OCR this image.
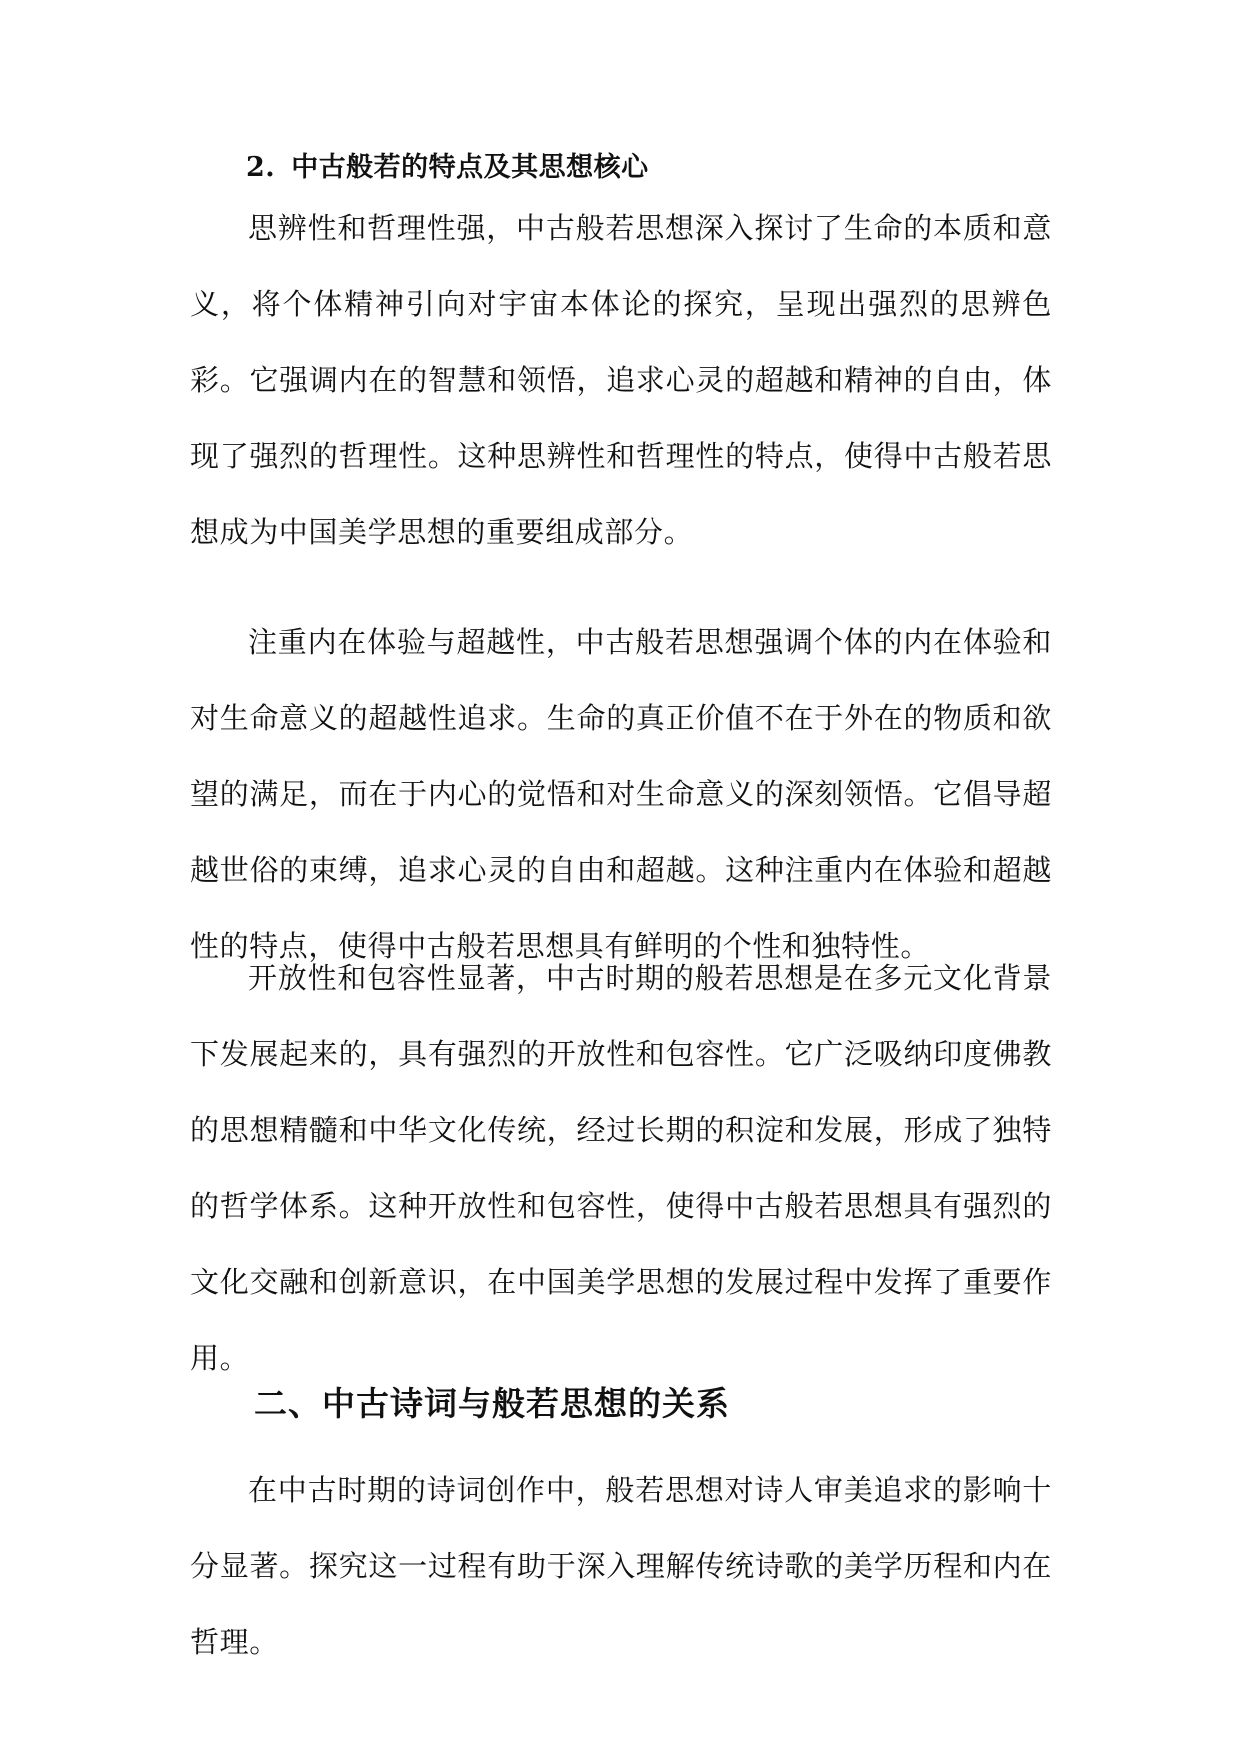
2. 中古般若的特点及其思想核心

思辨性和哲理性强，中古般若思想深入探讨了生命的本质和意义，将个体精神引向对宇宙本体论的探究，呈现出强烈的思辨色彩。它强调内在的智慧和领悟，追求心灵的超越和精神的自由，体现了强烈的哲理性。这种思辨性和哲理性的特点，使得中古般若思想成为中国美学思想的重要组成部分。

注重内在体验与超越性，中古般若思想强调个体的内在体验和对生命意义的超越性追求。生命的真正价值不在于外在的物质和欲望的满足，而在于内心的觉悟和对生命意义的深刻领悟。它倡导超越世俗的束缚，追求心灵的自由和超越。这种注重内在体验和超越性的特点，使得中古般若思想具有鲜明的个性和独特性。

开放性和包容性显著，中古时期的般若思想是在多元文化背景下发展起来的，具有强烈的开放性和包容性。它广泛吸纳印度佛教的思想精髓和中华文化传统，经过长期的积淀和发展，形成了独特的哲学体系。这种开放性和包容性，使得中古般若思想具有强烈的文化交融和创新意识，在中国美学思想的发展过程中发挥了重要作用。

二、中古诗词与般若思想的关系

在中古时期的诗词创作中，般若思想对诗人审美追求的影响十分显著。探究这一过程有助于深入理解传统诗歌的美学历程和内在哲理。
